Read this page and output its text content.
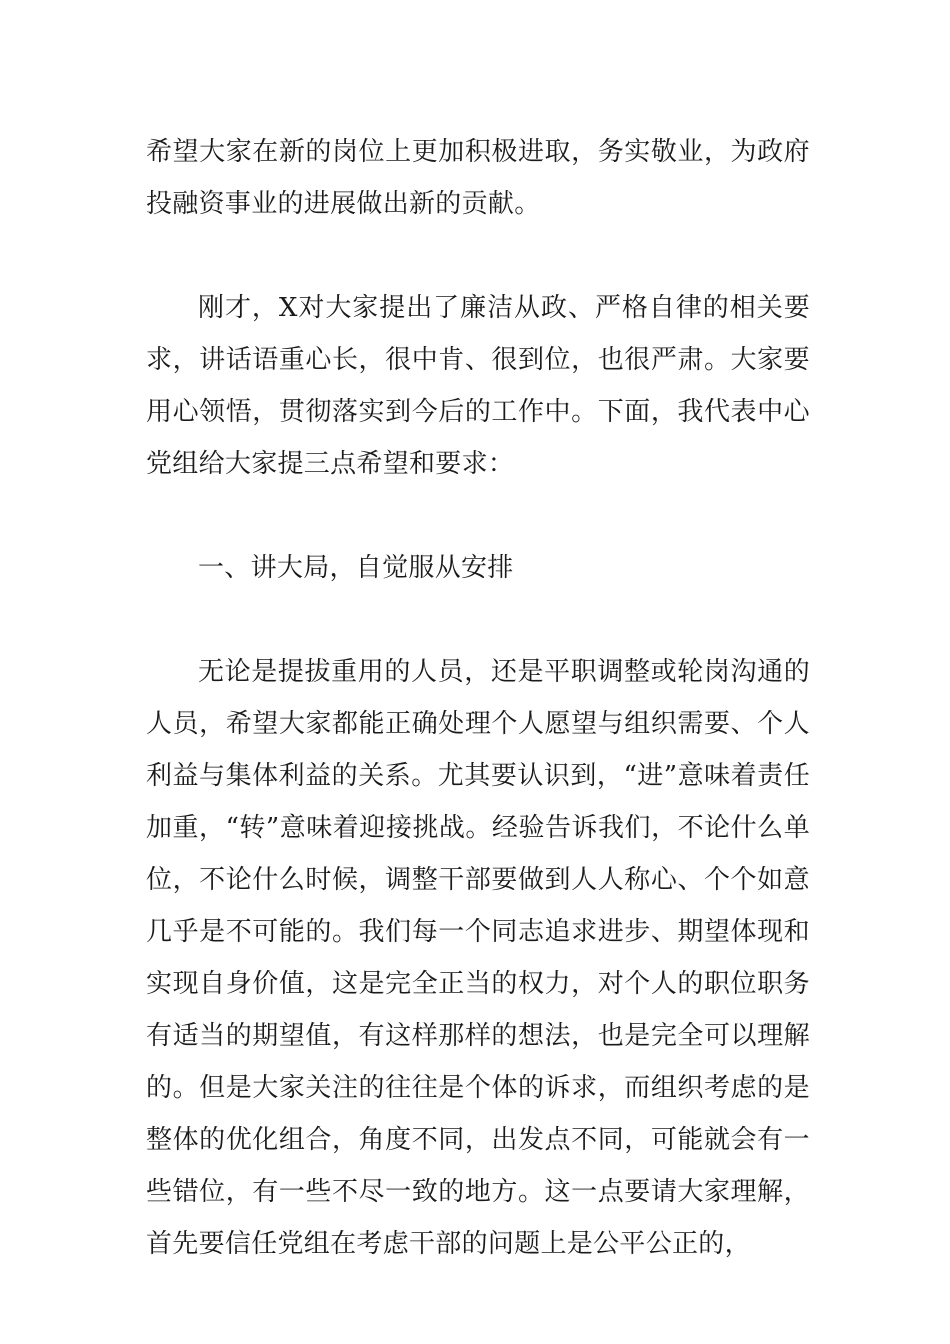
希望大家在新的岗位上更加积极进取，务实敬业，为政府投融资事业的进展做出新的贡献。

刚才，X对大家提出了廉洁从政、严格自律的相关要求，讲话语重心长，很中肯、很到位，也很严肃。大家要用心领悟，贯彻落实到今后的工作中。下面，我代表中心党组给大家提三点希望和要求：

一、讲大局，自觉服从安排

无论是提拔重用的人员，还是平职调整或轮岗沟通的人员，希望大家都能正确处理个人愿望与组织需要、个人利益与集体利益的关系。尤其要认识到，“进”意味着责任加重，“转”意味着迎接挑战。经验告诉我们，不论什么单位，不论什么时候，调整干部要做到人人称心、个个如意几乎是不可能的。我们每一个同志追求进步、期望体现和实现自身价值，这是完全正当的权力，对个人的职位职务有适当的期望值，有这样那样的想法，也是完全可以理解的。但是大家关注的往往是个体的诉求，而组织考虑的是整体的优化组合，角度不同，出发点不同，可能就会有一些错位，有一些不尽一致的地方。这一点要请大家理解，首先要信任党组在考虑干部的问题上是公平公正的，
